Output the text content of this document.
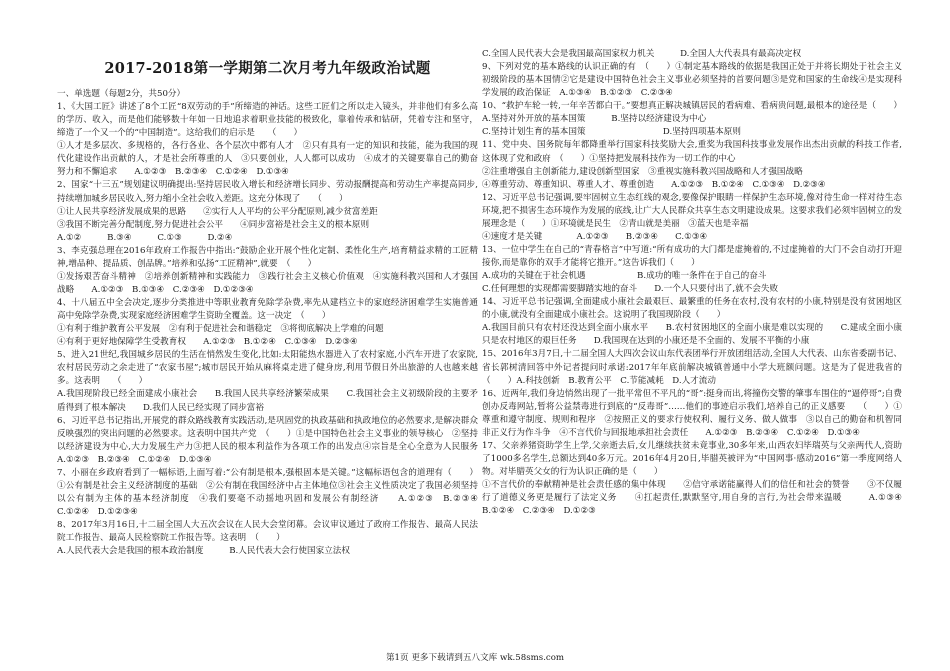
2017-2018第一学期第二次月考九年级政治试题

一、单选题（每题2分，共50分）

1、《大国工匠》讲述了8个工匠“8双劳动的手”所缔造的神话。这些工匠们之所以走入镜头，并非他们有多么高的学历、收入，而是他们能够数十年如一日地追求着职业技能的极致化，靠着传承和钻研，凭着专注和坚守，缔造了一个又一个的“中国制造”。这给我们的启示是　　（　　）

①人才是多层次、多规格的，各行各业、各个层次中都有人才　②只有具有一定的知识和技能，能为我国的现代化建设作出贡献的人，才是社会所尊重的人　③只要创业，人人都可以成功　④成才的关键要靠自己的勤奋努力和不懈追求　　A.①②③　B.②③④　C.①②④　D.①③④

2、国家“十三五”规划建议明确提出:坚持居民收入增长和经济增长同步、劳动报酬提高和劳动生产率提高同步,持续增加城乡居民收入,努力缩小全社会收入差距。这充分体现了　　（　　）

①让人民共享经济发展成果的思路　　②实行人人平均的公平分配原则,减少贫富差距

③我国不断完善分配制度,努力促进社会公平　　④同步富裕是社会主义的根本原则

A.①②　　　B.③④　　　C.①③　　　D.②④

3、李克强总理在2016年政府工作报告中指出:“鼓励企业开展个性化定制、柔性化生产,培育精益求精的工匠精神,增品种、提品质、创品牌。”培养和弘扬“工匠精神”,就要　（　　）

①发扬艰苦奋斗精神　②培养创新精神和实践能力　③践行社会主义核心价值观　④实施科教兴国和人才强国战略　　A.①②③　B.①③④　C.②③④　D.①②③④

4、十八届五中全会决定,逐步分类推进中等职业教育免除学杂费,率先从建档立卡的家庭经济困难学生实施普通高中免除学杂费,实现家庭经济困难学生资助全覆盖。这一决定　（　　）

①有利于维护教育公平发展　②有利于促进社会和谐稳定　③将彻底解决上学难的问题

④有利于更好地保障学生受教育权　　A.①②③　B.①②④　C.①③④　D.②③④

5、进入21世纪,我国城乡居民的生活在悄然发生变化,比如:太阳能热水器进入了农村家庭,小汽车开进了农家院,农村居民劳动之余走进了“农家书屋”;城市居民开始从麻将桌走进了健身房,利用节假日外出旅游的人也越来越多。这表明　　（　　）

A.我国现阶段已经全面建成小康社会　　B.我国人民共享经济繁荣成果　　C.我国社会主义初级阶段的主要矛盾得到了根本解决　　D.我们人民已经实现了同步富裕

6、习近平总书记指出,开展党的群众路线教育实践活动,是巩固党的执政基础和执政地位的必然要求,是解决群众反映强烈的突出问题的必然要求。这表明中国共产党　（　　）①是中国特色社会主义事业的领导核心　②坚持以经济建设为中心,大力发展生产力③把人民的根本利益作为各项工作的出发点④宗旨是全心全意为人民服务　　A.①②③　B.②③④　C.①②④　D.①③④

7、小丽在乡政府看到了一幅标语,上面写着:“公有制是根本,强根固本是关键。”这幅标语包含的道理有（　　）①公有制是社会主义经济制度的基础　②公有制在我国经济中占主体地位③社会主义性质决定了我国必须坚持以公有制为主体的基本经济制度　④我们要毫不动摇地巩固和发展公有制经济　　A.①②③　B.②③④　C.①②④　D.①②③④

8、2017年3月16日,十二届全国人大五次会议在人民大会堂闭幕。会议审议通过了政府工作报告、最高人民法院工作报告、最高人民检察院工作报告等。这表明　（　　）

A.人民代表大会是我国的根本政治制度　　　B.人民代表大会行使国家立法权

C.全国人民代表大会是我国最高国家权力机关　　　D.全国人大代表具有最高决定权

9、下列对党的基本路线的认识正确的有　（　　）①制定基本路线的依据是我国正处于并将长期处于社会主义初级阶段的基本国情②它是建设中国特色社会主义事业必须坚持的首要问题③是党和国家的生命线④是实现科学发展的政治保证　A.①③④　B.①②③　C.②③④

10、“救护车轮一转,一年辛苦都白干。”要想真正解决城镇居民的看病难、看病贵问题,最根本的途径是（　　）A.坚持对外开放的基本国策　　　B.坚持以经济建设为中心

C.坚持计划生育的基本国策　　　　　　　　　D.坚持四项基本原则

11、党中央、国务院每年都降重举行国家科技奖励大会,重奖为我国科技事业发展作出杰出贡献的科技工作者,这体现了党和政府　（　　）①坚持把发展科技作为一切工作的中心

②注重增强自主创新能力,建设创新型国家　③重视实施科教兴国战略和人才强国战略

④尊重劳动、尊重知识、尊重人才、尊重创造　　A.①②③　B.①②④　C.①③④　D.②③④

12、习近平总书记强调,要牢固树立生态红线的观念,要像保护眼睛一样保护生态环境,像对待生命一样对待生态环境,把不损害生态环境作为发展的底线,让广大人民群众共享生态文明建设成果。这要求我们必须牢固树立的发展理念是（　　）①环境就是民生　②青山就是美丽　③蓝天也是幸福

④速度才是关键　　　　A.①②③　　B.②③④　　C.①③④

13、一位中学生在自己的“青春格言”中写道:“所有成功的大门都是虚掩着的,不过虚掩着的大门不会自动打开迎接你,而是靠你的双手才能将它推开。”这告诉我们（　　）

A.成功的关键在于社会机遇　　　　　　B.成功的唯一条件在于自己的奋斗

C.任何理想的实现都需要脚踏实地的奋斗　　D.一个人只要付出了,就不会失败

14、习近平总书记强调,全面建成小康社会最艰巨、最繁重的任务在农村,没有农村的小康,特别是没有贫困地区的小康,就没有全面建成小康社会。这说明了我国现阶段（　　）

A.我国目前只有农村还没达到全面小康水平　　B.农村贫困地区的全面小康是难以实现的　　C.建成全面小康只是农村地区的艰巨任务　　D.我国现在达到的小康还是不全面的、发展不平衡的小康

15、2016年3月7日,十二届全国人大四次会议山东代表团举行开放团组活动,全国人大代表、山东省委副书记、省长郭树清回答中外记者提问时承诺:2017年年底前解决城镇普通中小学大班额问题。这是为了促进我省的（　　）A.科技创新　B.教育公平　C.节能减耗　D.人才流动

16、近两年,我们身边悄然出现了一批平常但不平凡的“哥”:挺身而出,将撞伤交警的肇事车围住的“逼停哥”;自费创办反毒网站,暂将公益禁毒进行到底的“反毒哥”……他们的事迹启示我们,培养自己的正义感要　　（　　）①尊重和遵守制度、规则和程序　②按照正义的要求行使权利、履行义务、做人做事　③以自己的勤奋和机智同非正义行为作斗争　④不言代价与回报地承担社会责任　　A.①②③　B.②③④　C.①②④　D.①③④

17、父亲养猪资助学生上学,父亲逝去后,女儿继续扶贫未竟事业,30多年来,山西农妇毕瑞英与父亲两代人,资助了1000多名学生,总额达到40多万元。2016年4月20日,毕腊英被评为“中国网事·感动2016”第一季度网络人物。对毕腊英父女的行为认识正确的是（　　）

①不言代价的奉献精神是社会责任感的集中体现　　②信守承诺能赢得人们的信任和社会的赞誉　　③不仅履行了道德义务更是履行了法定义务　　④扛起责任,默默坚守,用自身的言行,为社会带来温暖　　　A.①③④　B.①②④　C.②③④　D.①②③

第1页 更多下载请到五八文库 wk.58sms.com
